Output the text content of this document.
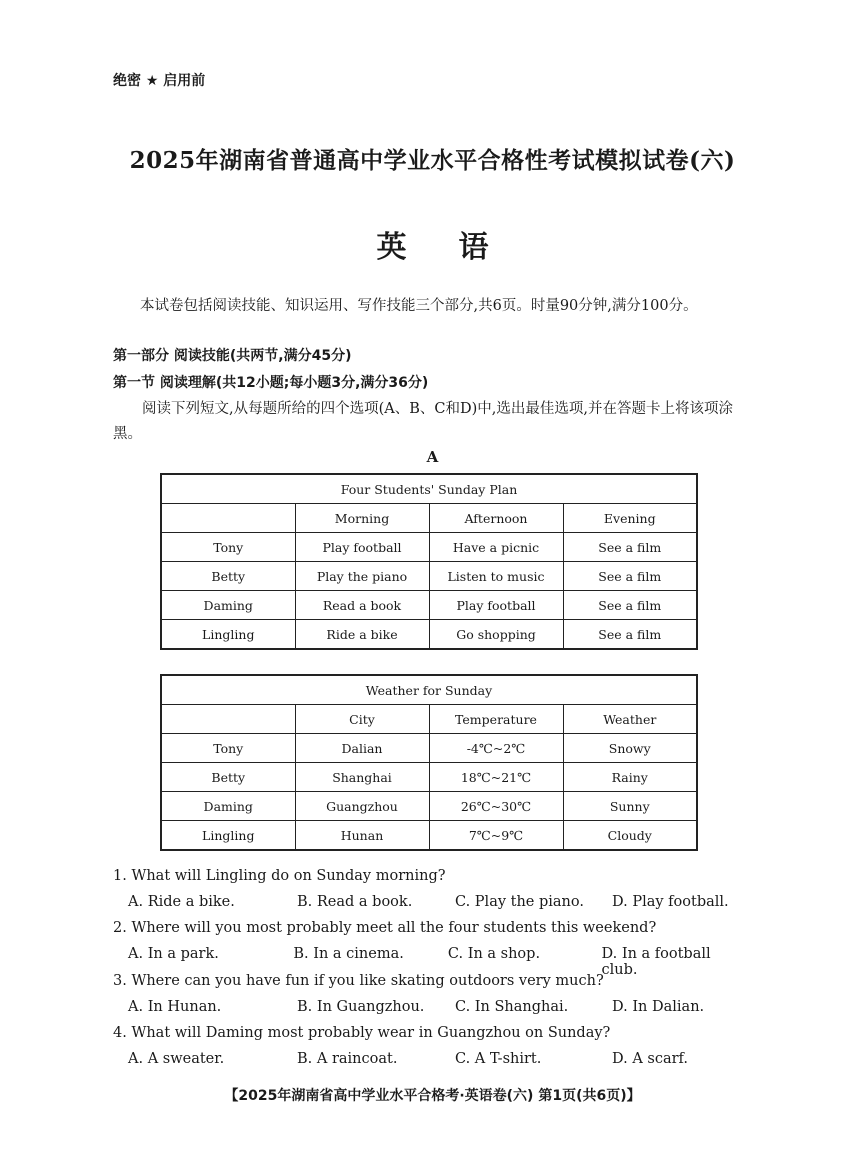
绝密 ★ 启用前
2025年湖南省普通高中学业水平合格性考试模拟试卷(六)
英语
本试卷包括阅读技能、知识运用、写作技能三个部分,共6页。时量90分钟,满分100分。
第一部分 阅读技能(共两节,满分45分)
第一节 阅读理解(共12小题;每小题3分,满分36分)
阅读下列短文,从每题所给的四个选项(A、B、C和D)中,选出最佳选项,并在答题卡上将该项涂黑。
A
Four Students' Sunday Plan			
	Morning	Afternoon	Evening
Tony	Play football	Have a picnic	See a film
Betty	Play the piano	Listen to music	See a film
Daming	Read a book	Play football	See a film
Lingling	Ride a bike	Go shopping	See a film
Weather for Sunday			
	City	Temperature	Weather
Tony	Dalian	-4℃~2℃	Snowy
Betty	Shanghai	18℃~21℃	Rainy
Daming	Guangzhou	26℃~30℃	Sunny
Lingling	Hunan	7℃~9℃	Cloudy
1. What will Lingling do on Sunday morning?
A. Ride a bike.	B. Read a book.	C. Play the piano.	D. Play football.
2. Where will you most probably meet all the four students this weekend?
A. In a park.	B. In a cinema.	C. In a shop.	D. In a football club.
3. Where can you have fun if you like skating outdoors very much?
A. In Hunan.	B. In Guangzhou.	C. In Shanghai.	D. In Dalian.
4. What will Daming most probably wear in Guangzhou on Sunday?
A. A sweater.	B. A raincoat.	C. A T-shirt.	D. A scarf.
【2025年湖南省高中学业水平合格考·英语卷(六) 第1页(共6页)】
